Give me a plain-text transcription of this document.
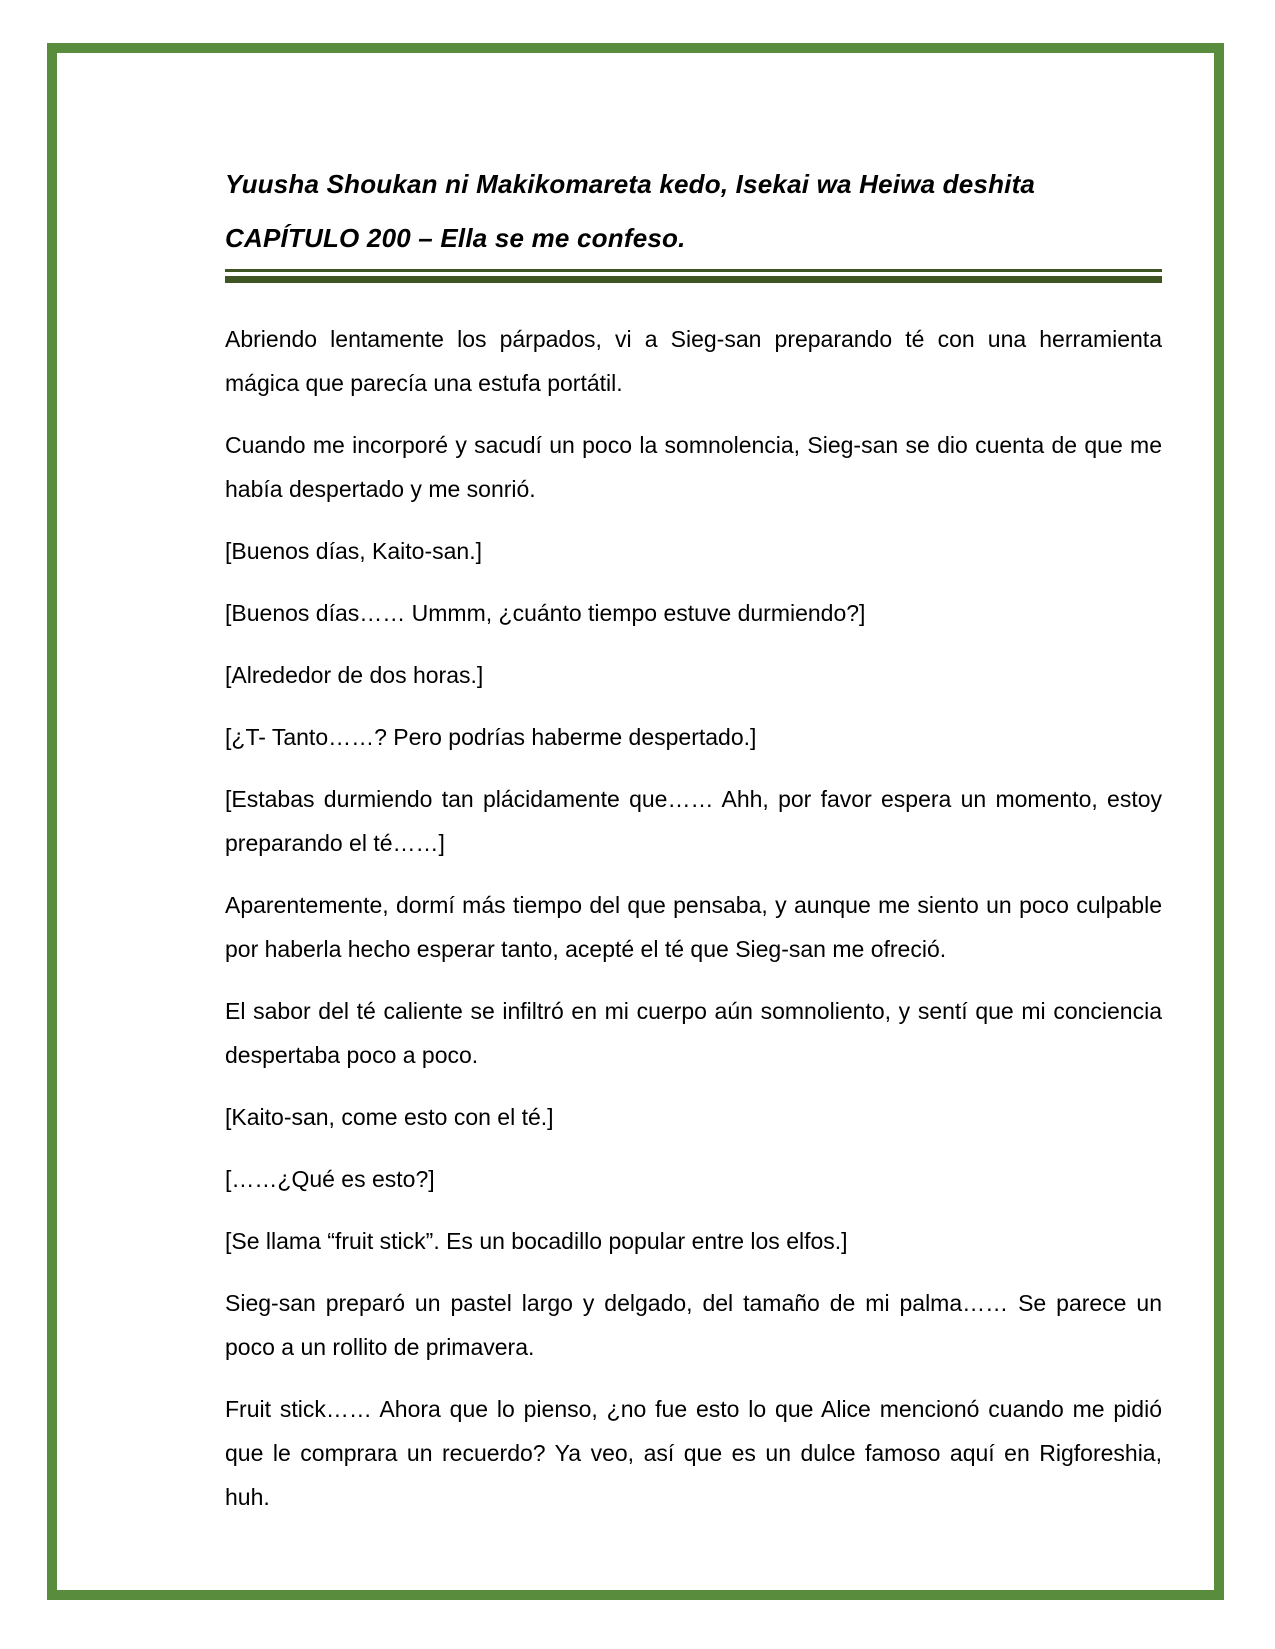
Yuusha Shoukan ni Makikomareta kedo, Isekai wa Heiwa deshita
CAPÍTULO 200 – Ella se me confeso.

Abriendo lentamente los párpados, vi a Sieg-san preparando té con una herramienta mágica que parecía una estufa portátil.

Cuando me incorporé y sacudí un poco la somnolencia, Sieg-san se dio cuenta de que me había despertado y me sonrió.

[Buenos días, Kaito-san.]

[Buenos días…… Ummm, ¿cuánto tiempo estuve durmiendo?]

[Alrededor de dos horas.]

[¿T- Tanto……? Pero podrías haberme despertado.]

[Estabas durmiendo tan plácidamente que…… Ahh, por favor espera un momento, estoy preparando el té……]

Aparentemente, dormí más tiempo del que pensaba, y aunque me siento un poco culpable por haberla hecho esperar tanto, acepté el té que Sieg-san me ofreció.

El sabor del té caliente se infiltró en mi cuerpo aún somnoliento, y sentí que mi conciencia despertaba poco a poco.

[Kaito-san, come esto con el té.]

[……¿Qué es esto?]

[Se llama “fruit stick”. Es un bocadillo popular entre los elfos.]

Sieg-san preparó un pastel largo y delgado, del tamaño de mi palma…… Se parece un poco a un rollito de primavera.

Fruit stick…… Ahora que lo pienso, ¿no fue esto lo que Alice mencionó cuando me pidió que le comprara un recuerdo? Ya veo, así que es un dulce famoso aquí en Rigforeshia, huh.
